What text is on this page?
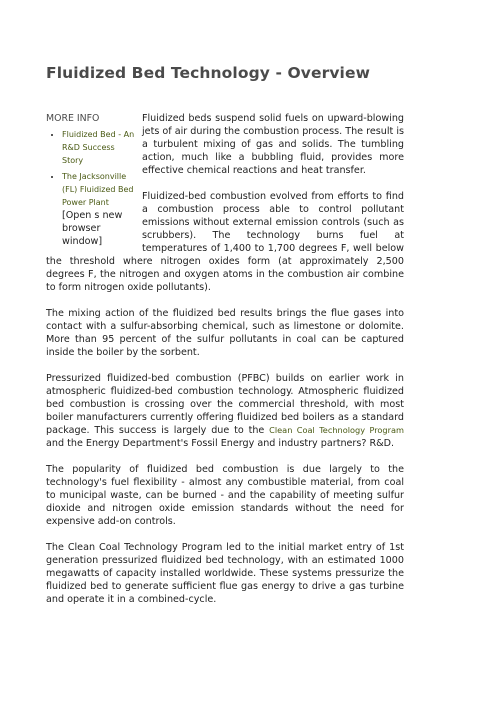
Fluidized Bed Technology - Overview
MORE INFO
• Fluidized Bed - An R&D Success Story
• The Jacksonville (FL) Fluidized Bed Power Plant [Open s new browser window]

Fluidized beds suspend solid fuels on upward-blowing jets of air during the combustion process. The result is a turbulent mixing of gas and solids. The tumbling action, much like a bubbling fluid, provides more effective chemical reactions and heat transfer.

Fluidized-bed combustion evolved from efforts to find a combustion process able to control pollutant emissions without external emission controls (such as scrubbers). The technology burns fuel at temperatures of 1,400 to 1,700 degrees F, well below the threshold where nitrogen oxides form (at approximately 2,500 degrees F, the nitrogen and oxygen atoms in the combustion air combine to form nitrogen oxide pollutants).

The mixing action of the fluidized bed results brings the flue gases into contact with a sulfur-absorbing chemical, such as limestone or dolomite. More than 95 percent of the sulfur pollutants in coal can be captured inside the boiler by the sorbent.

Pressurized fluidized-bed combustion (PFBC) builds on earlier work in atmospheric fluidized-bed combustion technology. Atmospheric fluidized bed combustion is crossing over the commercial threshold, with most boiler manufacturers currently offering fluidized bed boilers as a standard package. This success is largely due to the Clean Coal Technology Program and the Energy Department's Fossil Energy and industry partners? R&D.

The popularity of fluidized bed combustion is due largely to the technology's fuel flexibility - almost any combustible material, from coal to municipal waste, can be burned - and the capability of meeting sulfur dioxide and nitrogen oxide emission standards without the need for expensive add-on controls.

The Clean Coal Technology Program led to the initial market entry of 1st generation pressurized fluidized bed technology, with an estimated 1000 megawatts of capacity installed worldwide. These systems pressurize the fluidized bed to generate sufficient flue gas energy to drive a gas turbine and operate it in a combined-cycle.
